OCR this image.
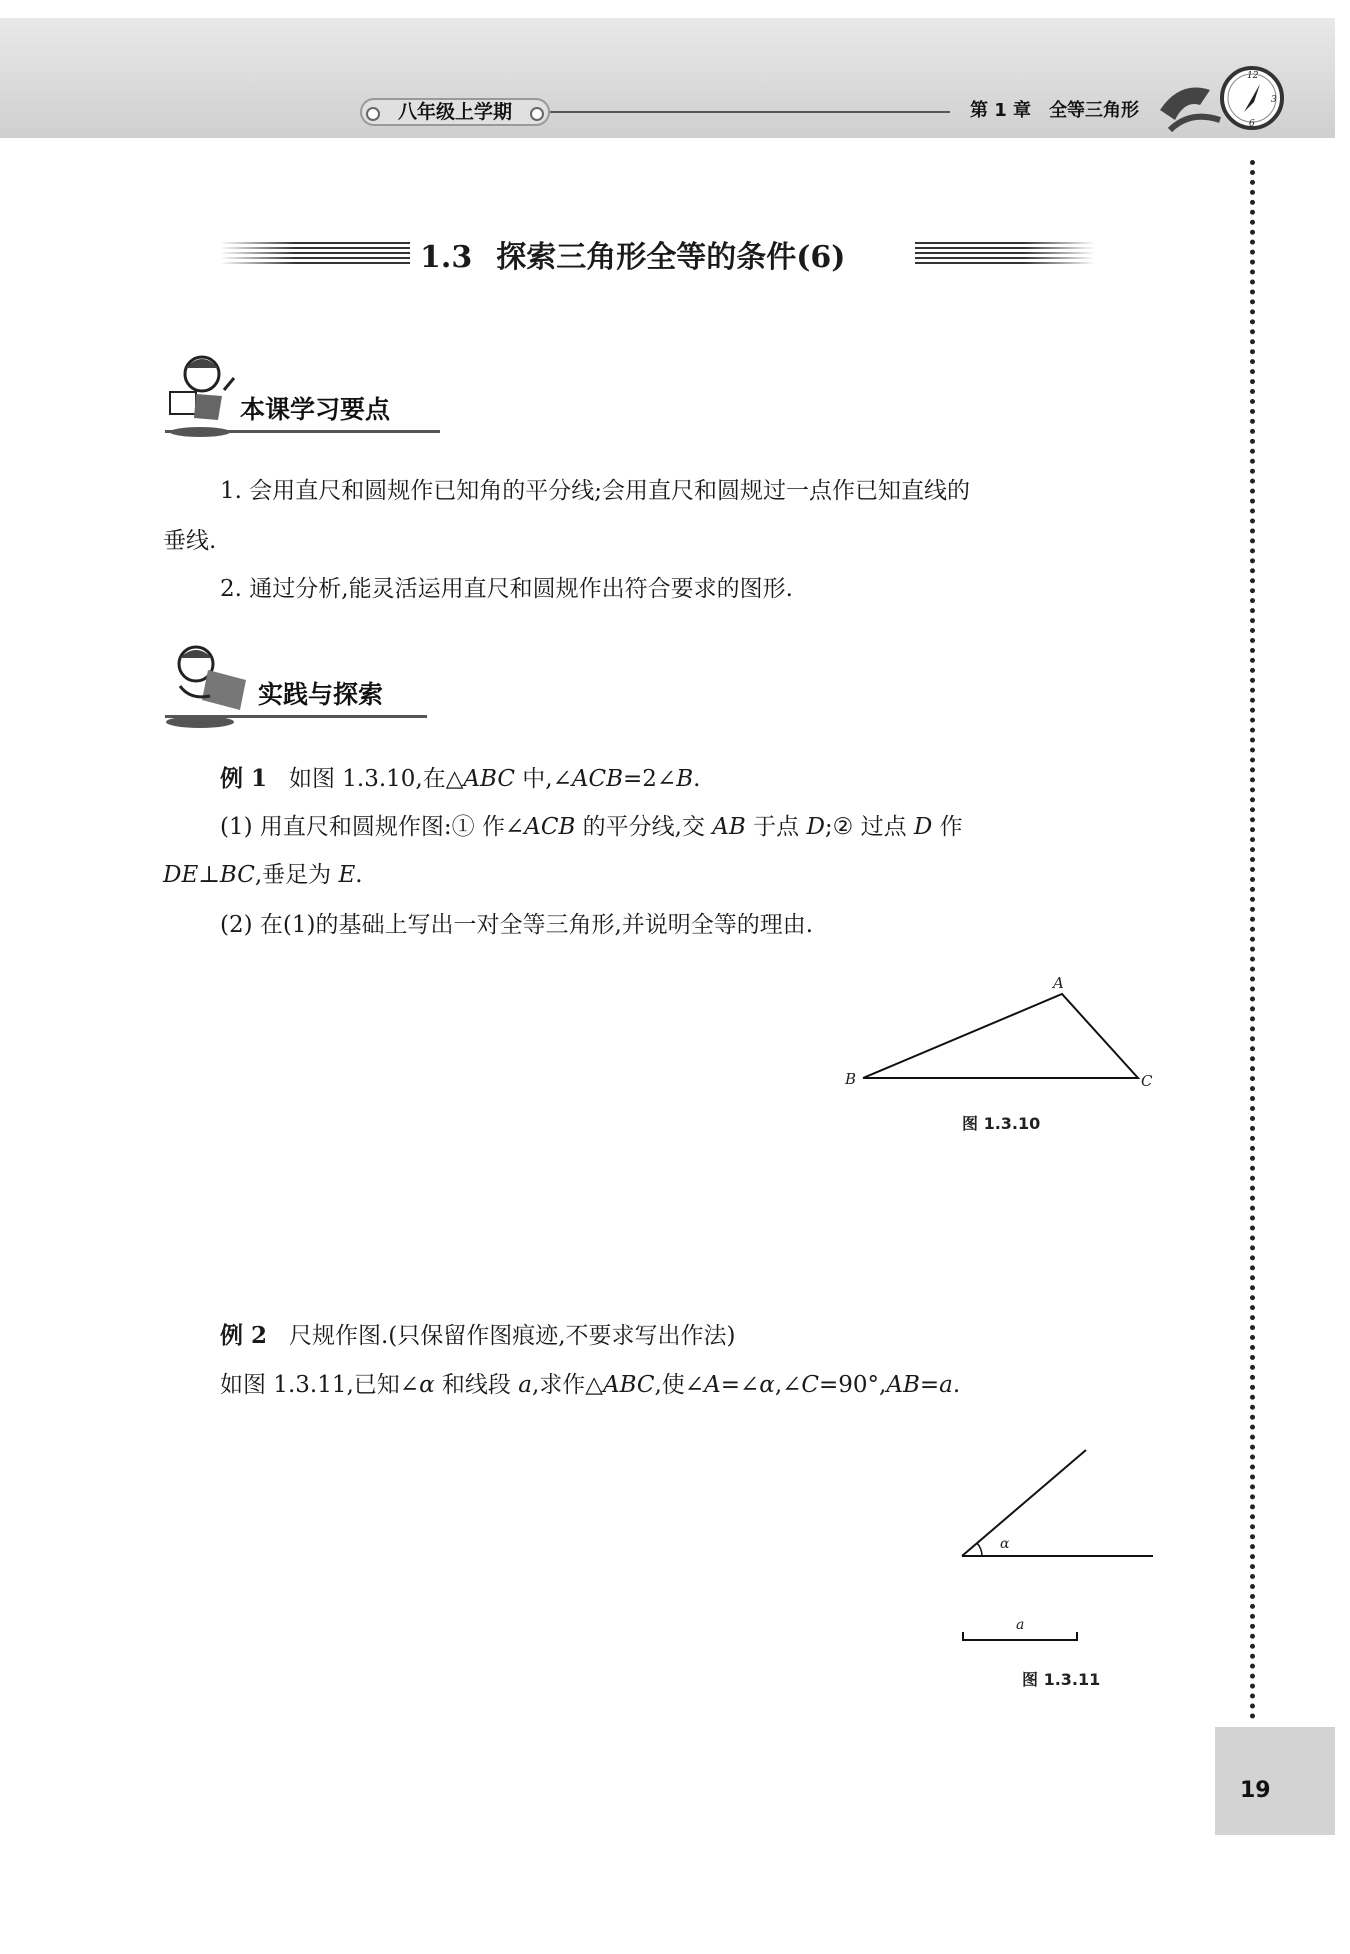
八年级上学期	第 1 章 全等三角形
12
3
6
1.3 探索三角形全等的条件(6)
本课学习要点
1. 会用直尺和圆规作已知角的平分线;会用直尺和圆规过一点作已知直线的
垂线.
2. 通过分析,能灵活运用直尺和圆规作出符合要求的图形.
实践与探索
例 1 如图 1.3.10,在△ABC 中,∠ACB=2∠B.
(1) 用直尺和圆规作图:① 作∠ACB 的平分线,交 AB 于点 D;② 过点 D 作
DE⊥BC,垂足为 E.
(2) 在(1)的基础上写出一对全等三角形,并说明全等的理由.
A
B	C
图 1.3.10
例 2 尺规作图.(只保留作图痕迹,不要求写出作法)
如图 1.3.11,已知∠α 和线段 a,求作△ABC,使∠A=∠α,∠C=90°,AB=a.
α
a
图 1.3.11
19
